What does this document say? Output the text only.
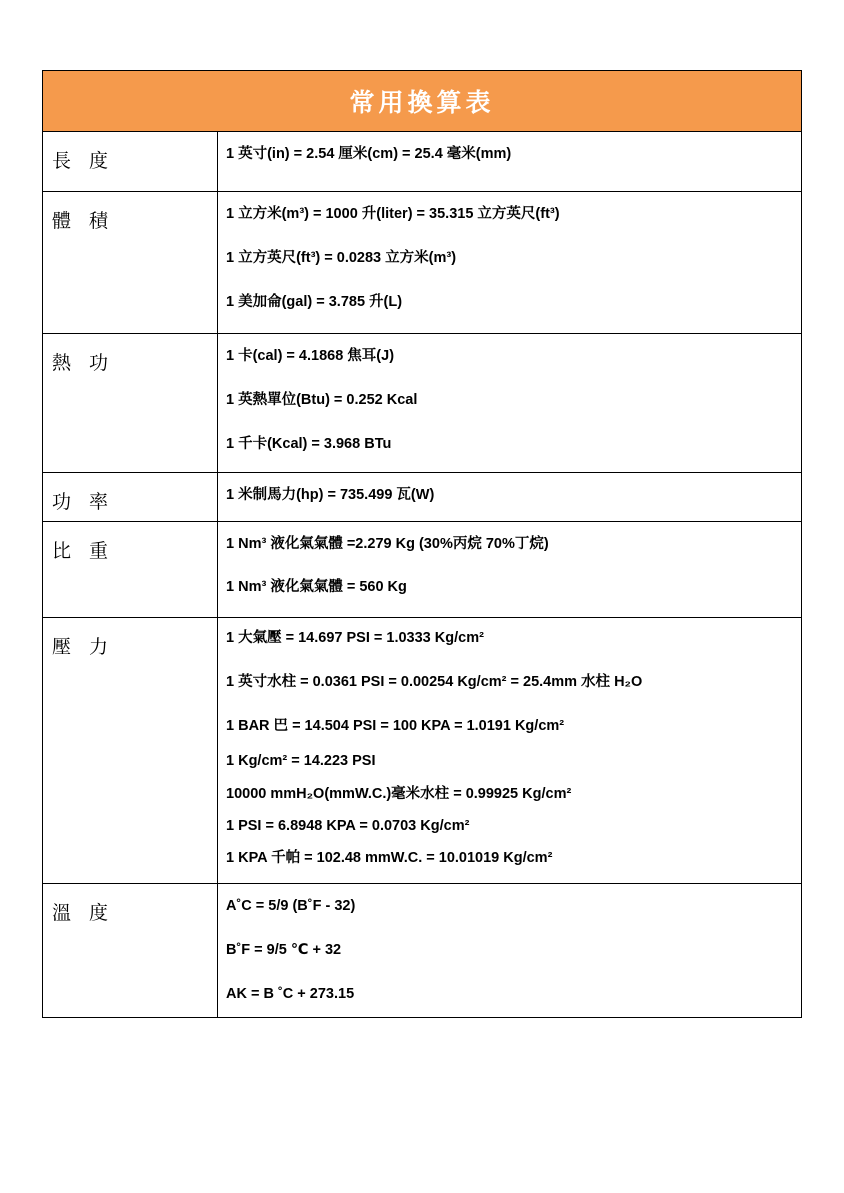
常用換算表
長 度	1 英寸(in) = 2.54 厘米(cm) = 25.4 毫米(mm)
體 積	1 立方米(m³) = 1000 升(liter) = 35.315 立方英尺(ft³)
1 立方英尺(ft³) = 0.0283 立方米(m³)
1 美加侖(gal) = 3.785 升(L)
熱 功	1 卡(cal) = 4.1868 焦耳(J)
1 英熱單位(Btu) = 0.252 Kcal
1 千卡(Kcal) = 3.968 BTu
功 率	1 米制馬力(hp) = 735.499 瓦(W)
比 重	1 Nm³ 液化氣氣體 =2.279 Kg (30%丙烷 70%丁烷)
1 Nm³ 液化氣氣體 = 560 Kg
壓 力	1 大氣壓 = 14.697 PSI = 1.0333 Kg/cm²
1 英寸水柱 = 0.0361 PSI = 0.00254 Kg/cm² = 25.4mm 水柱 H₂O
1 BAR 巴 = 14.504 PSI = 100 KPA = 1.0191 Kg/cm²
1 Kg/cm² = 14.223 PSI
10000 mmH₂O(mmW.C.)毫米水柱 = 0.99925 Kg/cm²
1 PSI = 6.8948 KPA = 0.0703 Kg/cm²
1 KPA 千帕 = 102.48 mmW.C. = 10.01019 Kg/cm²
溫 度	A˚C = 5/9 (B˚F - 32)
B˚F = 9/5 ℃ + 32
AK = B ˚C + 273.15
